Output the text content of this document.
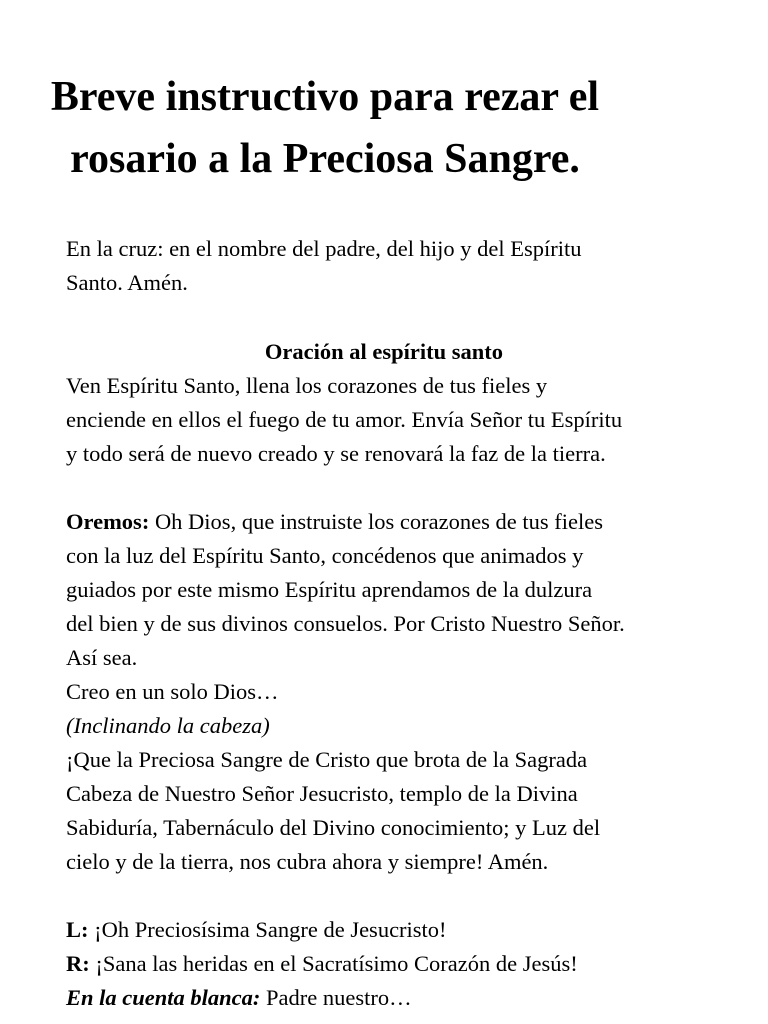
Breve instructivo para rezar el
rosario a la Preciosa Sangre.
En la cruz: en el nombre del padre, del hijo y del Espíritu
Santo. Amén.
Oración al espíritu santo
Ven Espíritu Santo, llena los corazones de tus fieles y
enciende en ellos el fuego de tu amor. Envía Señor tu Espíritu
y todo será de nuevo creado y se renovará la faz de la tierra.
Oremos: Oh Dios, que instruiste los corazones de tus fieles
con la luz del Espíritu Santo, concédenos que animados y
guiados por este mismo Espíritu aprendamos de la dulzura
del bien y de sus divinos consuelos. Por Cristo Nuestro Señor.
Así sea.
Creo en un solo Dios…
(Inclinando la cabeza)
¡Que la Preciosa Sangre de Cristo que brota de la Sagrada
Cabeza de Nuestro Señor Jesucristo, templo de la Divina
Sabiduría, Tabernáculo del Divino conocimiento; y Luz del
cielo y de la tierra, nos cubra ahora y siempre! Amén.
L: ¡Oh Preciosísima Sangre de Jesucristo!
R: ¡Sana las heridas en el Sacratísimo Corazón de Jesús!
En la cuenta blanca: Padre nuestro…
